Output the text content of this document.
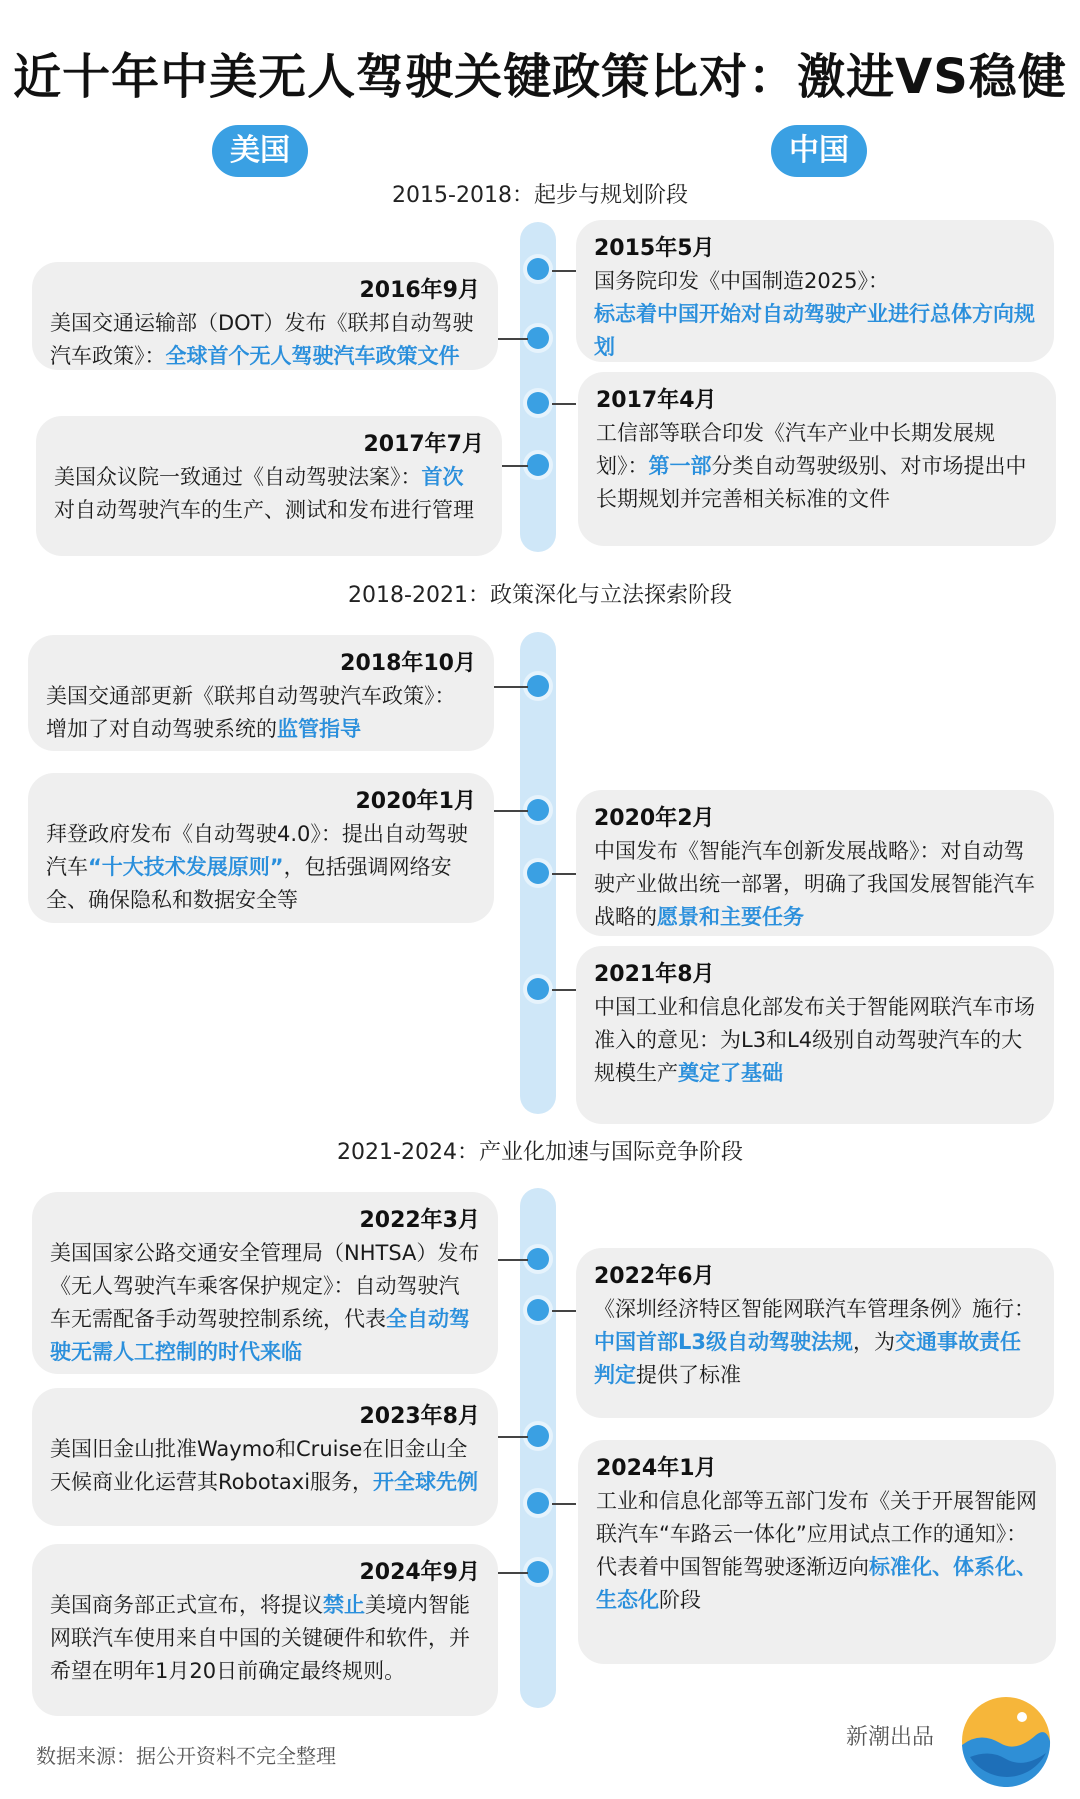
近十年中美无人驾驶关键政策比对：激进VS稳健
美国	中国
2015-2018：起步与规划阶段
2018-2021：政策深化与立法探索阶段
2021-2024：产业化加速与国际竞争阶段
2016年9月
美国交通运输部（DOT）发布《联邦自动驾驶汽车政策》：全球首个无人驾驶汽车政策文件
2017年7月
美国众议院一致通过《自动驾驶法案》：首次对自动驾驶汽车的生产、测试和发布进行管理
2018年10月
美国交通部更新《联邦自动驾驶汽车政策》：增加了对自动驾驶系统的监管指导
2020年1月
拜登政府发布《自动驾驶4.0》：提出自动驾驶汽车“十大技术发展原则”，包括强调网络安全、确保隐私和数据安全等
2022年3月
美国国家公路交通安全管理局（NHTSA）发布《无人驾驶汽车乘客保护规定》：自动驾驶汽车无需配备手动驾驶控制系统，代表全自动驾驶无需人工控制的时代来临
2023年8月
美国旧金山批准Waymo和Cruise在旧金山全天候商业化运营其Robotaxi服务，开全球先例
2024年9月
美国商务部正式宣布，将提议禁止美境内智能网联汽车使用来自中国的关键硬件和软件，并希望在明年1月20日前确定最终规则。
2015年5月
国务院印发《中国制造2025》：
标志着中国开始对自动驾驶产业进行总体方向规划
2017年4月
工信部等联合印发《汽车产业中长期发展规划》：第一部分类自动驾驶级别、对市场提出中长期规划并完善相关标准的文件
2020年2月
中国发布《智能汽车创新发展战略》：对自动驾驶产业做出统一部署，明确了我国发展智能汽车战略的愿景和主要任务
2021年8月
中国工业和信息化部发布关于智能网联汽车市场准入的意见：为L3和L4级别自动驾驶汽车的大规模生产奠定了基础
2022年6月
《深圳经济特区智能网联汽车管理条例》施行：
中国首部L3级自动驾驶法规，为交通事故责任判定提供了标准
2024年1月
工业和信息化部等五部门发布《关于开展智能网联汽车“车路云一体化”应用试点工作的通知》：代表着中国智能驾驶逐渐迈向标准化、体系化、生态化阶段
数据来源：据公开资料不完全整理
新潮出品
